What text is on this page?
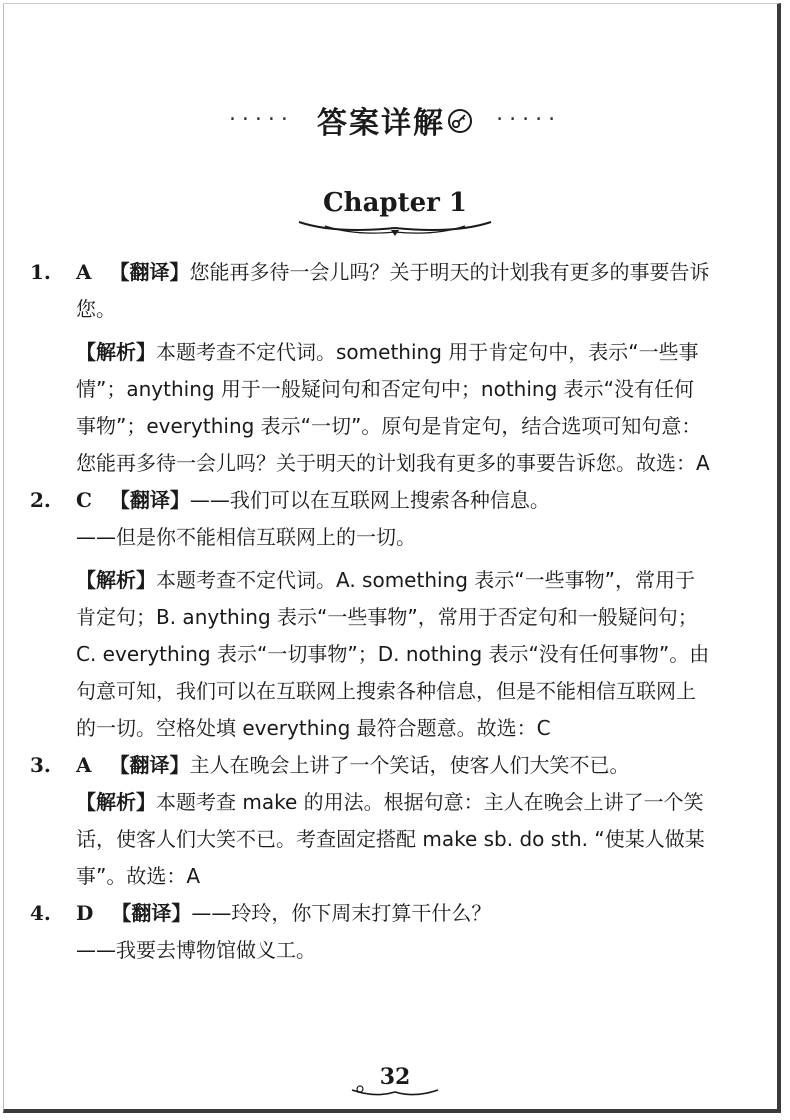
····· 答案详解 ·····
Chapter 1
1. A 【翻译】您能再多待一会儿吗？关于明天的计划我有更多的事要告诉您。

【解析】本题考查不定代词。something 用于肯定句中，表示“一些事情”；anything 用于一般疑问句和否定句中；nothing 表示“没有任何事物”；everything 表示“一切”。原句是肯定句，结合选项可知句意：您能再多待一会儿吗？关于明天的计划我有更多的事要告诉您。故选：A

2. C 【翻译】——我们可以在互联网上搜索各种信息。

——但是你不能相信互联网上的一切。

【解析】本题考查不定代词。A. something 表示“一些事物”，常用于肯定句；B. anything 表示“一些事物”，常用于否定句和一般疑问句；C. everything 表示“一切事物”；D. nothing 表示“没有任何事物”。由句意可知，我们可以在互联网上搜索各种信息，但是不能相信互联网上的一切。空格处填 everything 最符合题意。故选：C

3. A 【翻译】主人在晚会上讲了一个笑话，使客人们大笑不已。

【解析】本题考查 make 的用法。根据句意：主人在晚会上讲了一个笑话，使客人们大笑不已。考查固定搭配 make sb. do sth. “使某人做某事”。故选：A

4. D 【翻译】——玲玲，你下周末打算干什么？

——我要去博物馆做义工。

32
